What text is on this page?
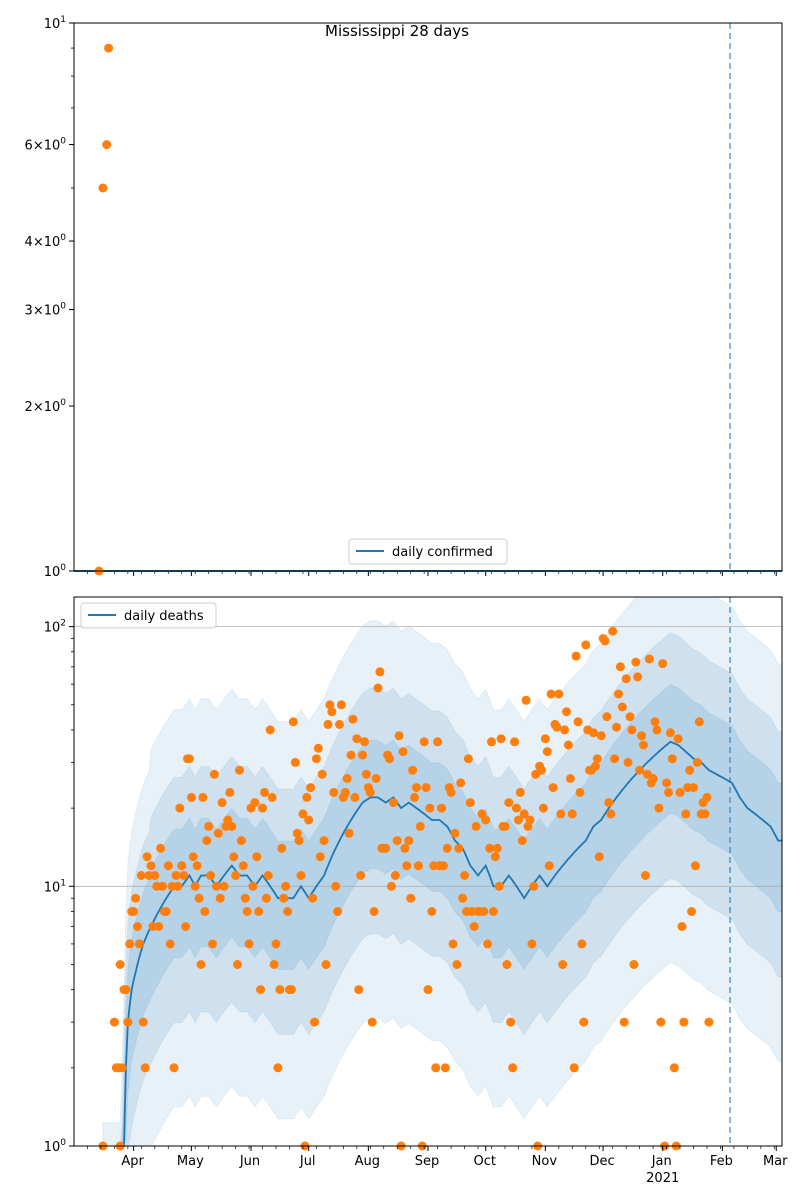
$10^0$
$2\times 10^0$
$3\times 10^0$
$4\times 10^0$
$6\times 10^0$
$10^1$
Mississippi 28 days
daily confirmed
$10^0$
$10^1$
$10^2$
Apr	May	Jun	Jul	Aug	Sep	Oct	Nov Dec	Jan	Feb Mar
2021
daily deaths
